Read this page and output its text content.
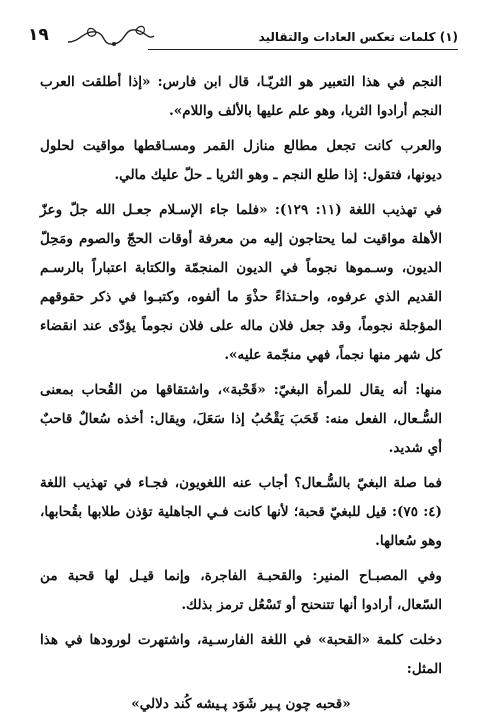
(١) كلمات تعكس العادات والتقاليد
١٩

النجم في هذا التعبير هو الثريّـا، قال ابن فارس: «إذا أطلقت العرب النجم أرادوا الثريا، وهو علم عليها بالألف واللام».

والعرب كانت تجعل مطالع منازل القمر ومسـاقطها مواقيت لحلول ديونها، فتقول: إذا طلع النجم ـ وهو الثريا ـ حلّ عليك مالي.

في تهذيب اللغة (١١: ١٢٩): «فلما جاء الإسـلام جعـل الله جلّ وعزّ الأهلة مواقيت لما يحتاجون إليه من معرفة أوقات الحجّ والصوم ومَحِلّ الديون، وسـموها نجوماً في الديون المنجمّة والكتابة اعتباراً بالرسـم القديم الذي عرفوه، واحـتذاءً حذْوَ ما ألفوه، وكتبـوا في ذكر حقوقهم المؤجلة نجوماً، وقد جعل فلان ماله على فلان نجوماً يؤدّى عند انقضاء كل شهر منها نجماً، فهي منجّمة عليه».

منها: أنه يقال للمرأة البغيّ: «قَحْبة»، واشتقاقها من القُحاب بمعنى السُّـعال، الفعل منه: قَحَبَ يَقْحُبُ إذا سَعَلَ، ويقال: أخذه سُعالٌ قاحبٌ أي شديد.

فما صلة البغيّ بالسُّـعال؟ أجاب عنه اللغويون، فجـاء في تهذيب اللغة (٤: ٧٥): قيل للبغيّ قحبة؛ لأنها كانت فـي الجاهلية تؤذن طلابها بقُحابها، وهو سُعالها.

وفي المصبـاح المنير: والقحبـة الفاجرة، وإنما قيـل لها قحبة من السّعال، أرادوا أنها تتنحنح أو تَسْعُل ترمز بذلك.

دخلت كلمة «القحبة» في اللغة الفارسـية، واشتهرت لورودها في هذا المثل:

«قحبه چون پـير شَوَد پـيشه كُند دلالي»
